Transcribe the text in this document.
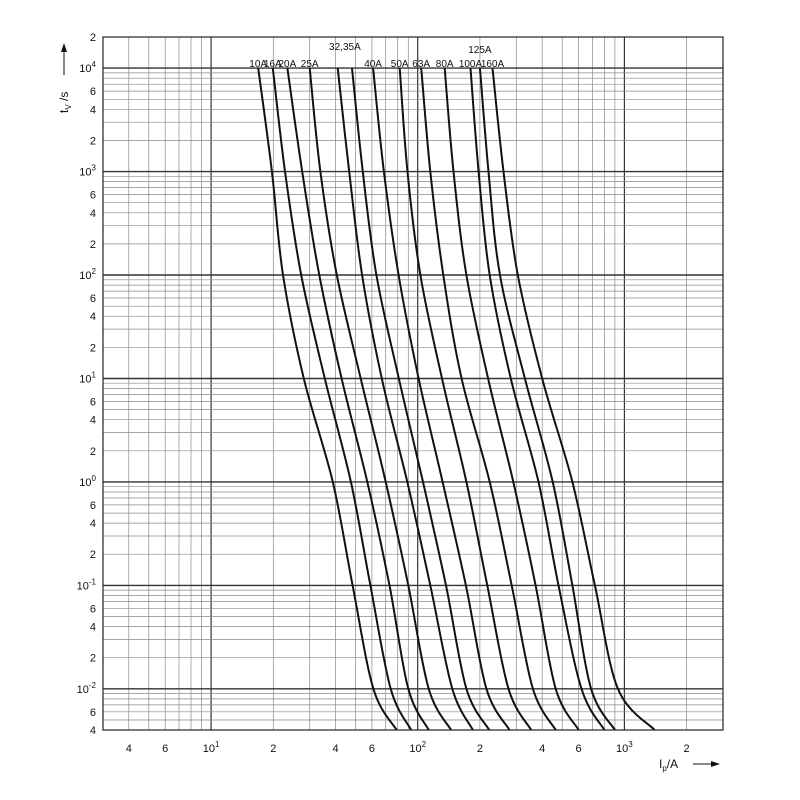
4	6	$10^1$	2	4	6	$10^2$	2	4	6	$10^3$	2
2
$10^4$
6
4
2
$10^3$
6
4
2
$10^2$
6
4
2
$10^1$
6
4
2
$10^0$
6
4
2
$10^{-1}$
6
4
2
$10^{-2}$
6
4
10A
16A
20A 25A	40A 50A 63A 80A 100A
125A
160A
32,35A
$t_V$ /s
$I_p/A$
